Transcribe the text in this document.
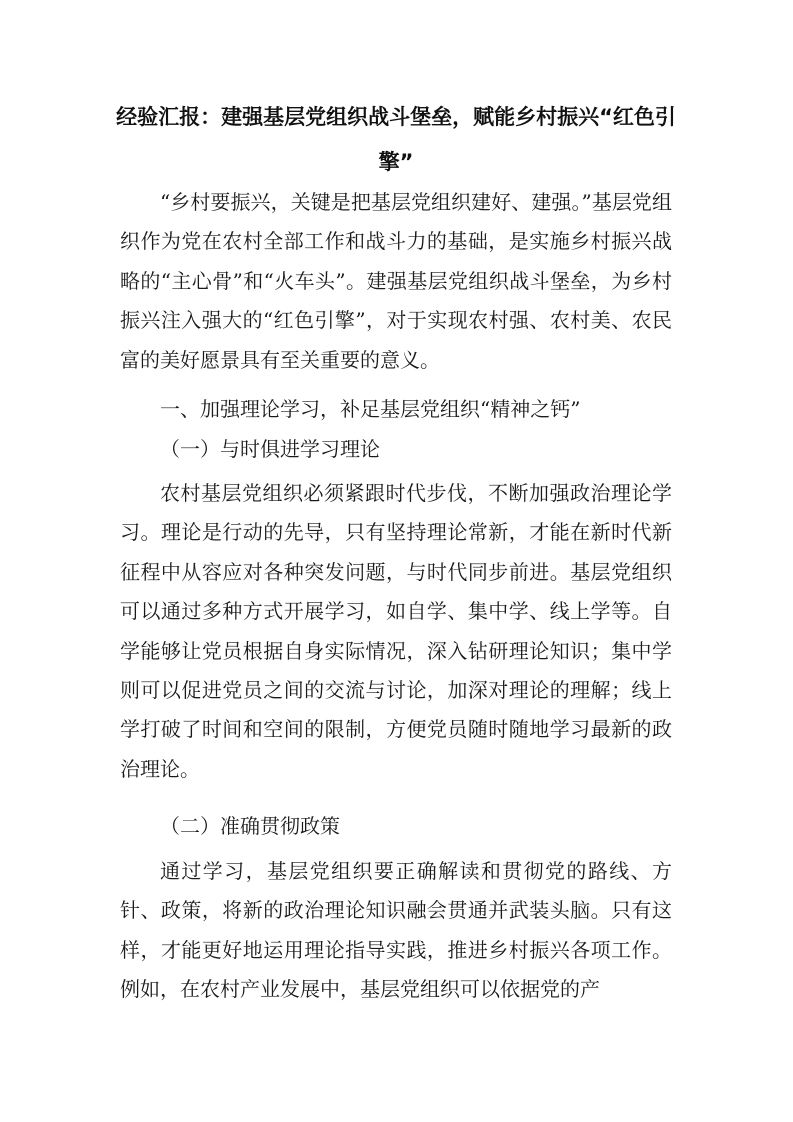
经验汇报：建强基层党组织战斗堡垒，赋能乡村振兴“红色引擎”

“乡村要振兴，关键是把基层党组织建好、建强。”基层党组织作为党在农村全部工作和战斗力的基础，是实施乡村振兴战略的“主心骨”和“火车头”。建强基层党组织战斗堡垒，为乡村振兴注入强大的“红色引擎”，对于实现农村强、农村美、农民富的美好愿景具有至关重要的意义。

一、加强理论学习，补足基层党组织“精神之钙”

（一）与时俱进学习理论

农村基层党组织必须紧跟时代步伐，不断加强政治理论学习。理论是行动的先导，只有坚持理论常新，才能在新时代新征程中从容应对各种突发问题，与时代同步前进。基层党组织可以通过多种方式开展学习，如自学、集中学、线上学等。自学能够让党员根据自身实际情况，深入钻研理论知识；集中学则可以促进党员之间的交流与讨论，加深对理论的理解；线上学打破了时间和空间的限制，方便党员随时随地学习最新的政治理论。

（二）准确贯彻政策

通过学习，基层党组织要正确解读和贯彻党的路线、方针、政策，将新的政治理论知识融会贯通并武装头脑。只有这样，才能更好地运用理论指导实践，推进乡村振兴各项工作。例如，在农村产业发展中，基层党组织可以依据党的产
